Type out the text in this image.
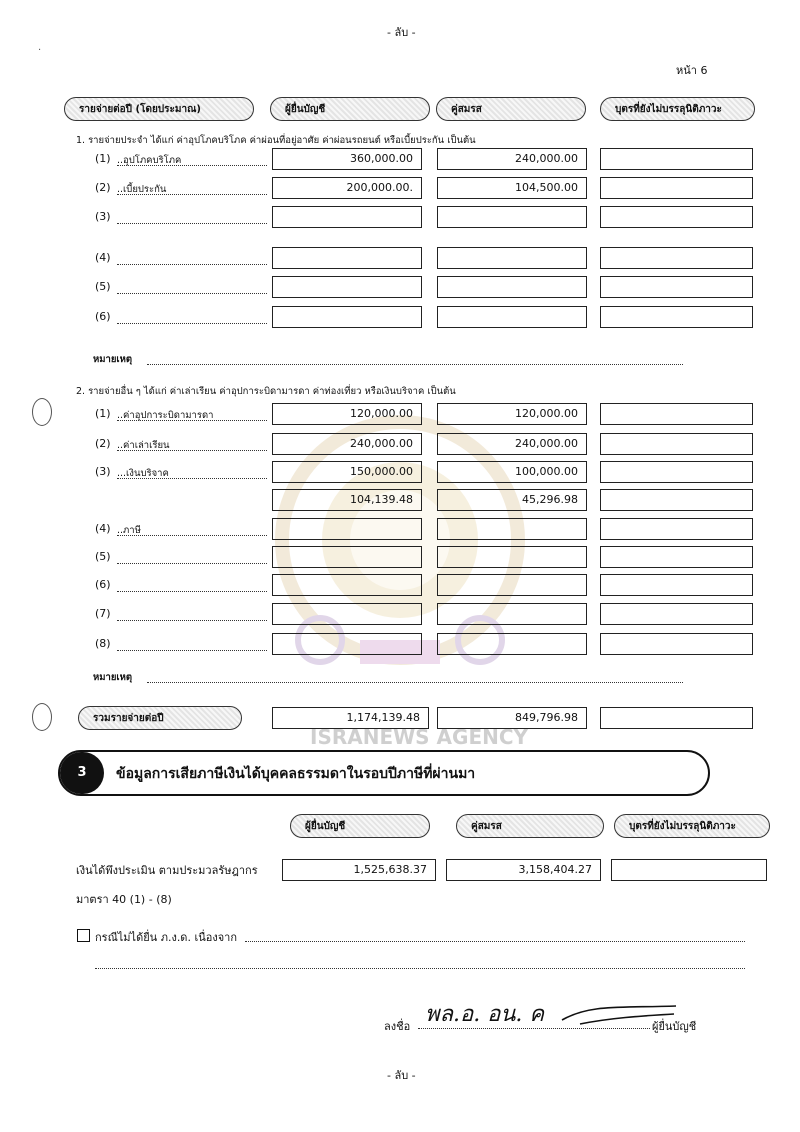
- ลับ -
หน้า 6
.
ISRANEWS AGENCY
รายจ่ายต่อปี (โดยประมาณ)	ผู้ยื่นบัญชี	คู่สมรส	บุตรที่ยังไม่บรรลุนิติภาวะ
1. รายจ่ายประจำ ได้แก่ ค่าอุปโภคบริโภค ค่าผ่อนที่อยู่อาศัย ค่าผ่อนรถยนต์ หรือเบี้ยประกัน เป็นต้น
(1) ..อุปโภคบริโภค	360,000.00	240,000.00
(2) ..เบี้ยประกัน	200,000.00.	104,500.00
(3)
(4)
(5)
(6)
หมายเหตุ
2. รายจ่ายอื่น ๆ ได้แก่ ค่าเล่าเรียน ค่าอุปการะบิดามารดา ค่าท่องเที่ยว หรือเงินบริจาค เป็นต้น
(1) ..ค่าอุปการะบิดามารดา	120,000.00	120,000.00
(2) ..ค่าเล่าเรียน	240,000.00	240,000.00
(3) ...เงินบริจาค	150,000.00	100,000.00
104,139.48	45,296.98
(4) ..ภาษี
(5)
(6)
(7)
(8)
หมายเหตุ
รวมรายจ่ายต่อปี	1,174,139.48	849,796.98
3	ข้อมูลการเสียภาษีเงินได้บุคคลธรรมดาในรอบปีภาษีที่ผ่านมา
ผู้ยื่นบัญชี	คู่สมรส	บุตรที่ยังไม่บรรลุนิติภาวะ
เงินได้พึงประเมิน ตามประมวลรัษฎากร
มาตรา 40 (1) - (8)
1,525,638.37	3,158,404.27
กรณีไม่ได้ยื่น ภ.ง.ด. เนื่องจาก
ลงชื่อ พล.อ. อน. ค	ผู้ยื่นบัญชี
- ลับ -
